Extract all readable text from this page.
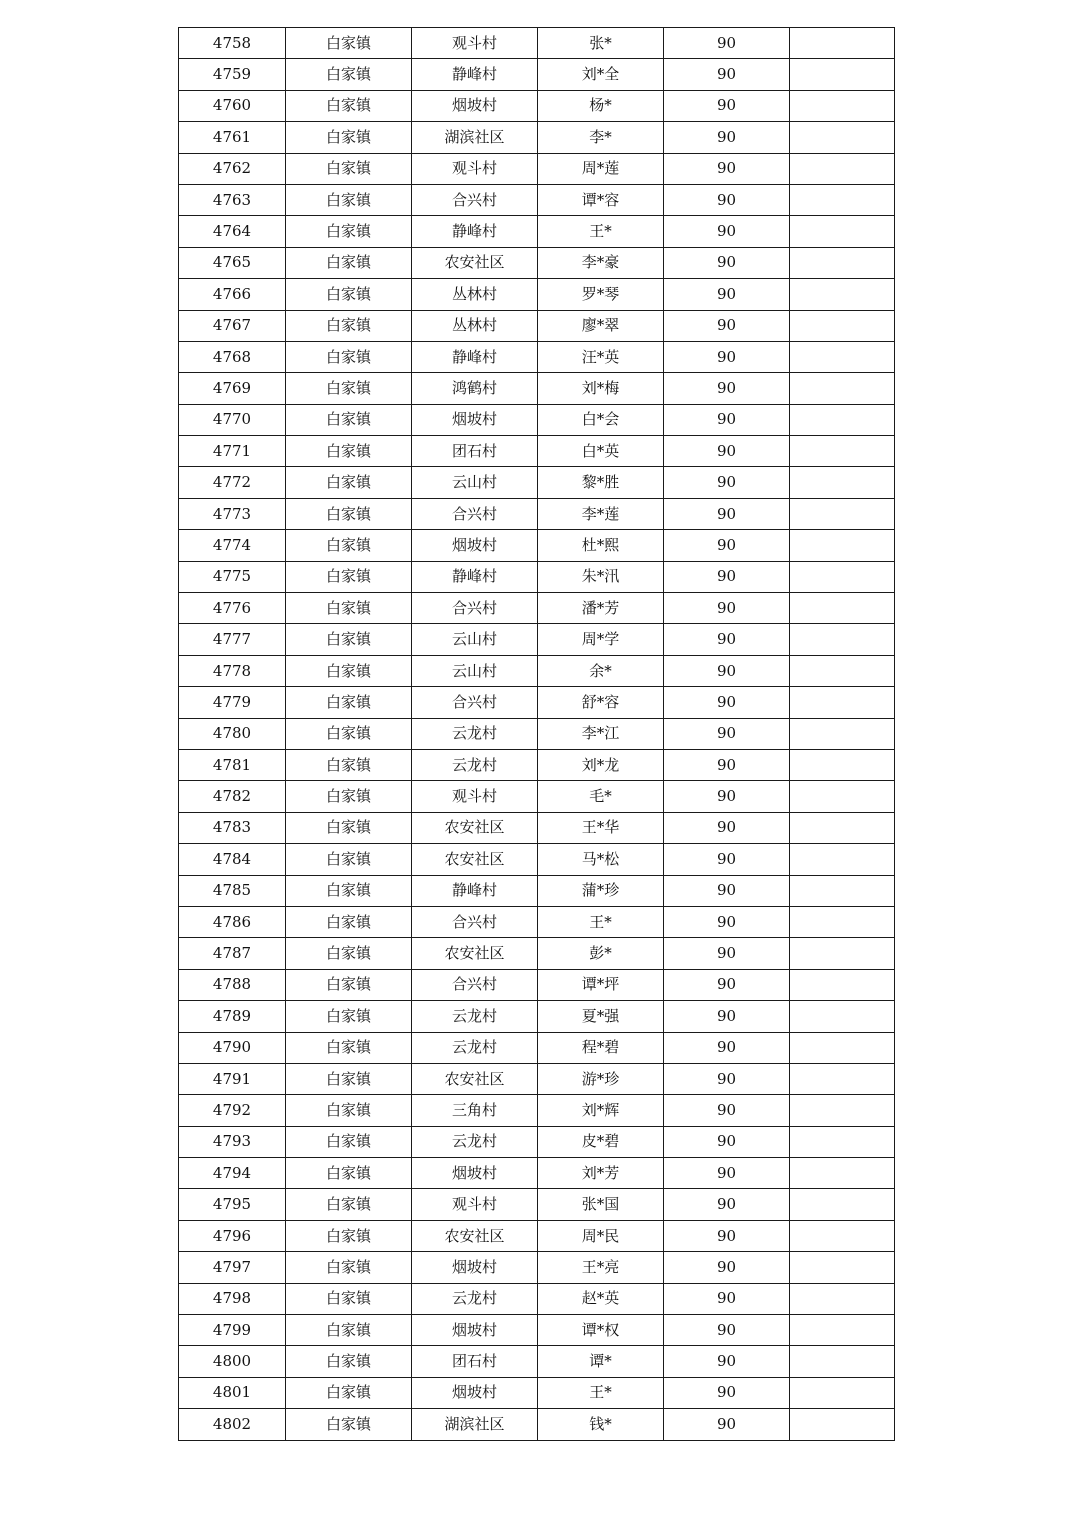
4758	白家镇	观斗村	张*	90	
4759	白家镇	静峰村	刘*全	90	
4760	白家镇	烟坡村	杨*	90	
4761	白家镇	湖滨社区	李*	90	
4762	白家镇	观斗村	周*莲	90	
4763	白家镇	合兴村	谭*容	90	
4764	白家镇	静峰村	王*	90	
4765	白家镇	农安社区	李*豪	90	
4766	白家镇	丛林村	罗*琴	90	
4767	白家镇	丛林村	廖*翠	90	
4768	白家镇	静峰村	汪*英	90	
4769	白家镇	鸿鹤村	刘*梅	90	
4770	白家镇	烟坡村	白*会	90	
4771	白家镇	团石村	白*英	90	
4772	白家镇	云山村	黎*胜	90	
4773	白家镇	合兴村	李*莲	90	
4774	白家镇	烟坡村	杜*熙	90	
4775	白家镇	静峰村	朱*汛	90	
4776	白家镇	合兴村	潘*芳	90	
4777	白家镇	云山村	周*学	90	
4778	白家镇	云山村	余*	90	
4779	白家镇	合兴村	舒*容	90	
4780	白家镇	云龙村	李*江	90	
4781	白家镇	云龙村	刘*龙	90	
4782	白家镇	观斗村	毛*	90	
4783	白家镇	农安社区	王*华	90	
4784	白家镇	农安社区	马*松	90	
4785	白家镇	静峰村	蒲*珍	90	
4786	白家镇	合兴村	王*	90	
4787	白家镇	农安社区	彭*	90	
4788	白家镇	合兴村	谭*坪	90	
4789	白家镇	云龙村	夏*强	90	
4790	白家镇	云龙村	程*碧	90	
4791	白家镇	农安社区	游*珍	90	
4792	白家镇	三角村	刘*辉	90	
4793	白家镇	云龙村	皮*碧	90	
4794	白家镇	烟坡村	刘*芳	90	
4795	白家镇	观斗村	张*国	90	
4796	白家镇	农安社区	周*民	90	
4797	白家镇	烟坡村	王*亮	90	
4798	白家镇	云龙村	赵*英	90	
4799	白家镇	烟坡村	谭*权	90	
4800	白家镇	团石村	谭*	90	
4801	白家镇	烟坡村	王*	90	
4802	白家镇	湖滨社区	钱*	90	
